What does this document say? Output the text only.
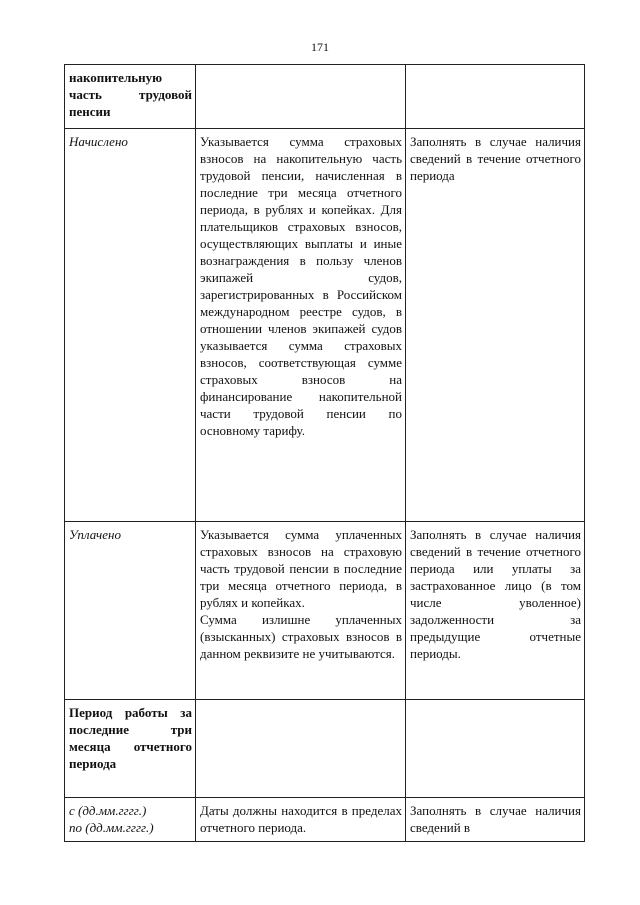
171
накопительную часть трудовой пенсии		
Начислено	Указывается сумма страховых взносов на накопительную часть трудовой пенсии, начисленная в последние три месяца отчетного периода, в рублях и копейках. Для плательщиков страховых взносов, осуществляющих выплаты и иные вознаграждения в пользу членов экипажей судов, зарегистрированных в Российском международном реестре судов, в отношении членов экипажей судов указывается сумма страховых взносов, соответствующая сумме страховых взносов на финансирование накопительной части трудовой пенсии по основному тарифу.	Заполнять в случае наличия сведений в течение отчетного периода
Уплачено	Указывается сумма уплаченных страховых взносов на страховую часть трудовой пенсии в последние три месяца отчетного периода, в рублях и копейках.
Сумма излишне уплаченных (взысканных) страховых взносов в данном реквизите не учитываются.	Заполнять в случае наличия сведений в течение отчетного периода или уплаты за застрахованное лицо (в том числе уволенное) задолженности за предыдущие отчетные периоды.
Период работы за последние три месяца отчетного периода		

с (дд.мм.гггг.)
по (дд.мм.гггг.)	Даты должны находится в пределах отчетного периода.	Заполнять в случае наличия сведений в
